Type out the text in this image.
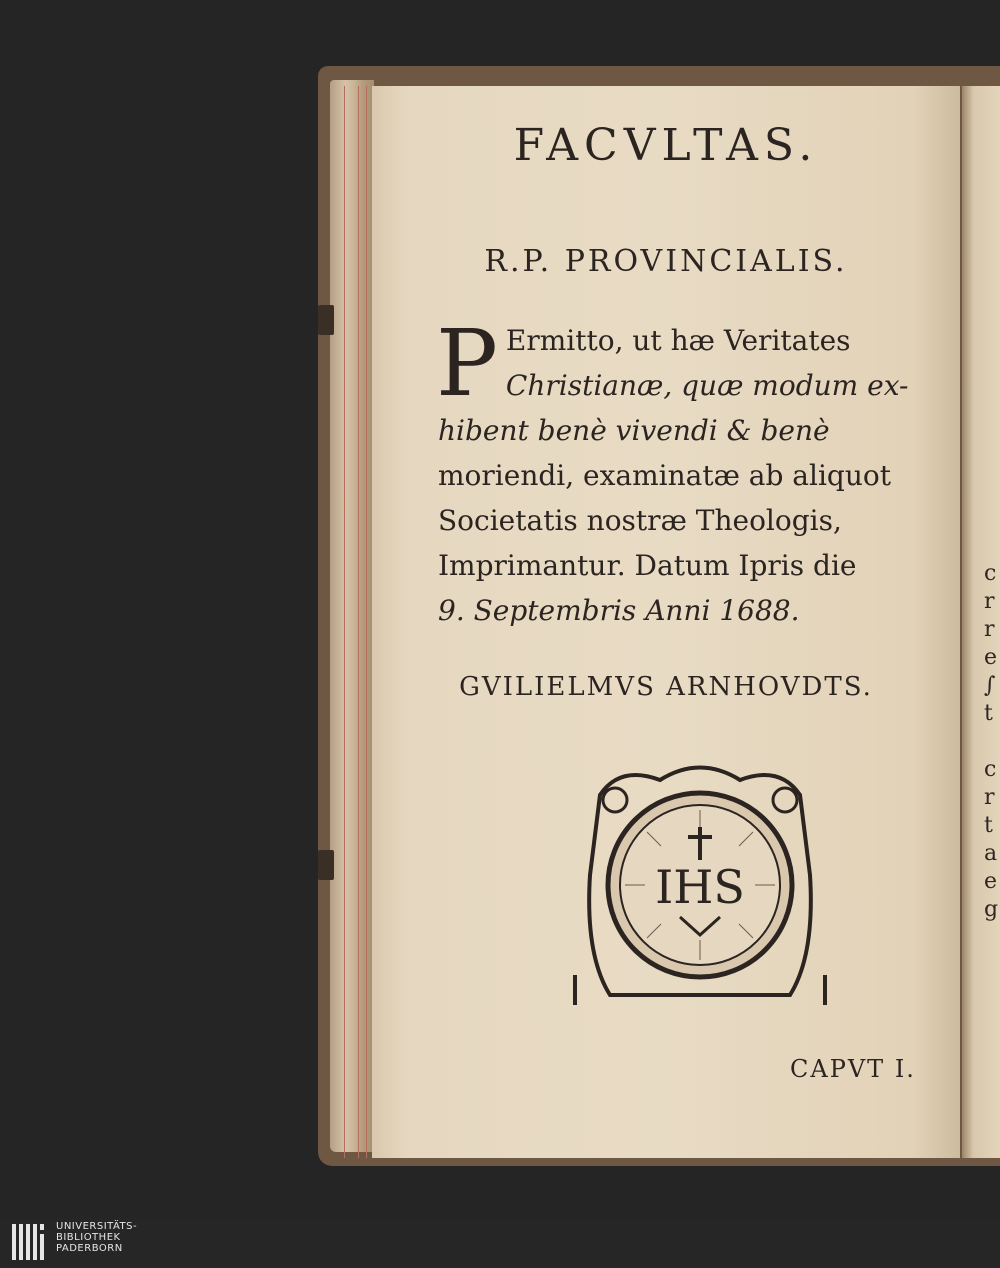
c
r
r
e
∫
t

c
r
t
a
e
g
FACVLTAS.
R.P. PROVINCIALIS.
P Ermitto, ut hæ Veritates
Christianæ, quæ modum ex-
hibent benè vivendi & benè
moriendi, examinatæ ab aliquot
Societatis nostræ Theologis,
Imprimantur. Datum Ipris die
9. Septembris Anni 1688.
GVILIELMVS ARNHOVDTS.
IHS
CAPVT I.
UNIVERSITÄTS-
BIBLIOTHEK
PADERBORN
